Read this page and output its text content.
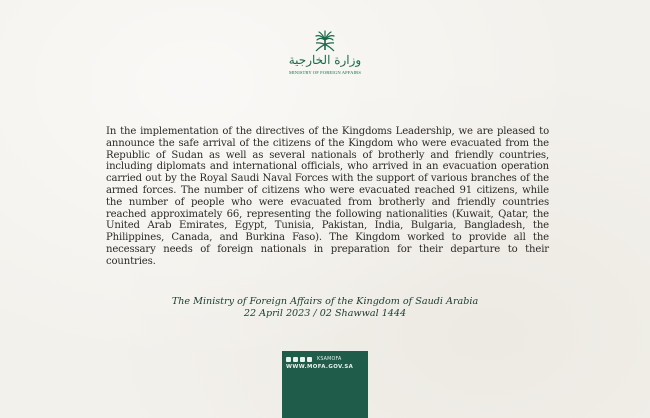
وزارة الخارجية
MINISTRY OF FOREIGN AFFAIRS
In the implementation of the directives of the Kingdoms Leadership, we are pleased to announce the safe arrival of the citizens of the Kingdom who were evacuated from the Republic of Sudan as well as several nationals of brotherly and friendly countries, including diplomats and international officials, who arrived in an evacuation operation carried out by the Royal Saudi Naval Forces with the support of various branches of the armed forces. The number of citizens who were evacuated reached 91 citizens, while the number of people who were evacuated from brotherly and friendly countries reached approximately 66, representing the following nationalities (Kuwait, Qatar, the United Arab Emirates, Egypt, Tunisia, Pakistan, India, Bulgaria, Bangladesh, the Philippines, Canada, and Burkina Faso). The Kingdom worked to provide all the necessary needs of foreign nationals in preparation for their departure to their countries.
The Ministry of Foreign Affairs of the Kingdom of Saudi Arabia
22 April 2023 / 02 Shawwal 1444
KSAMOFA
WWW.MOFA.GOV.SA
